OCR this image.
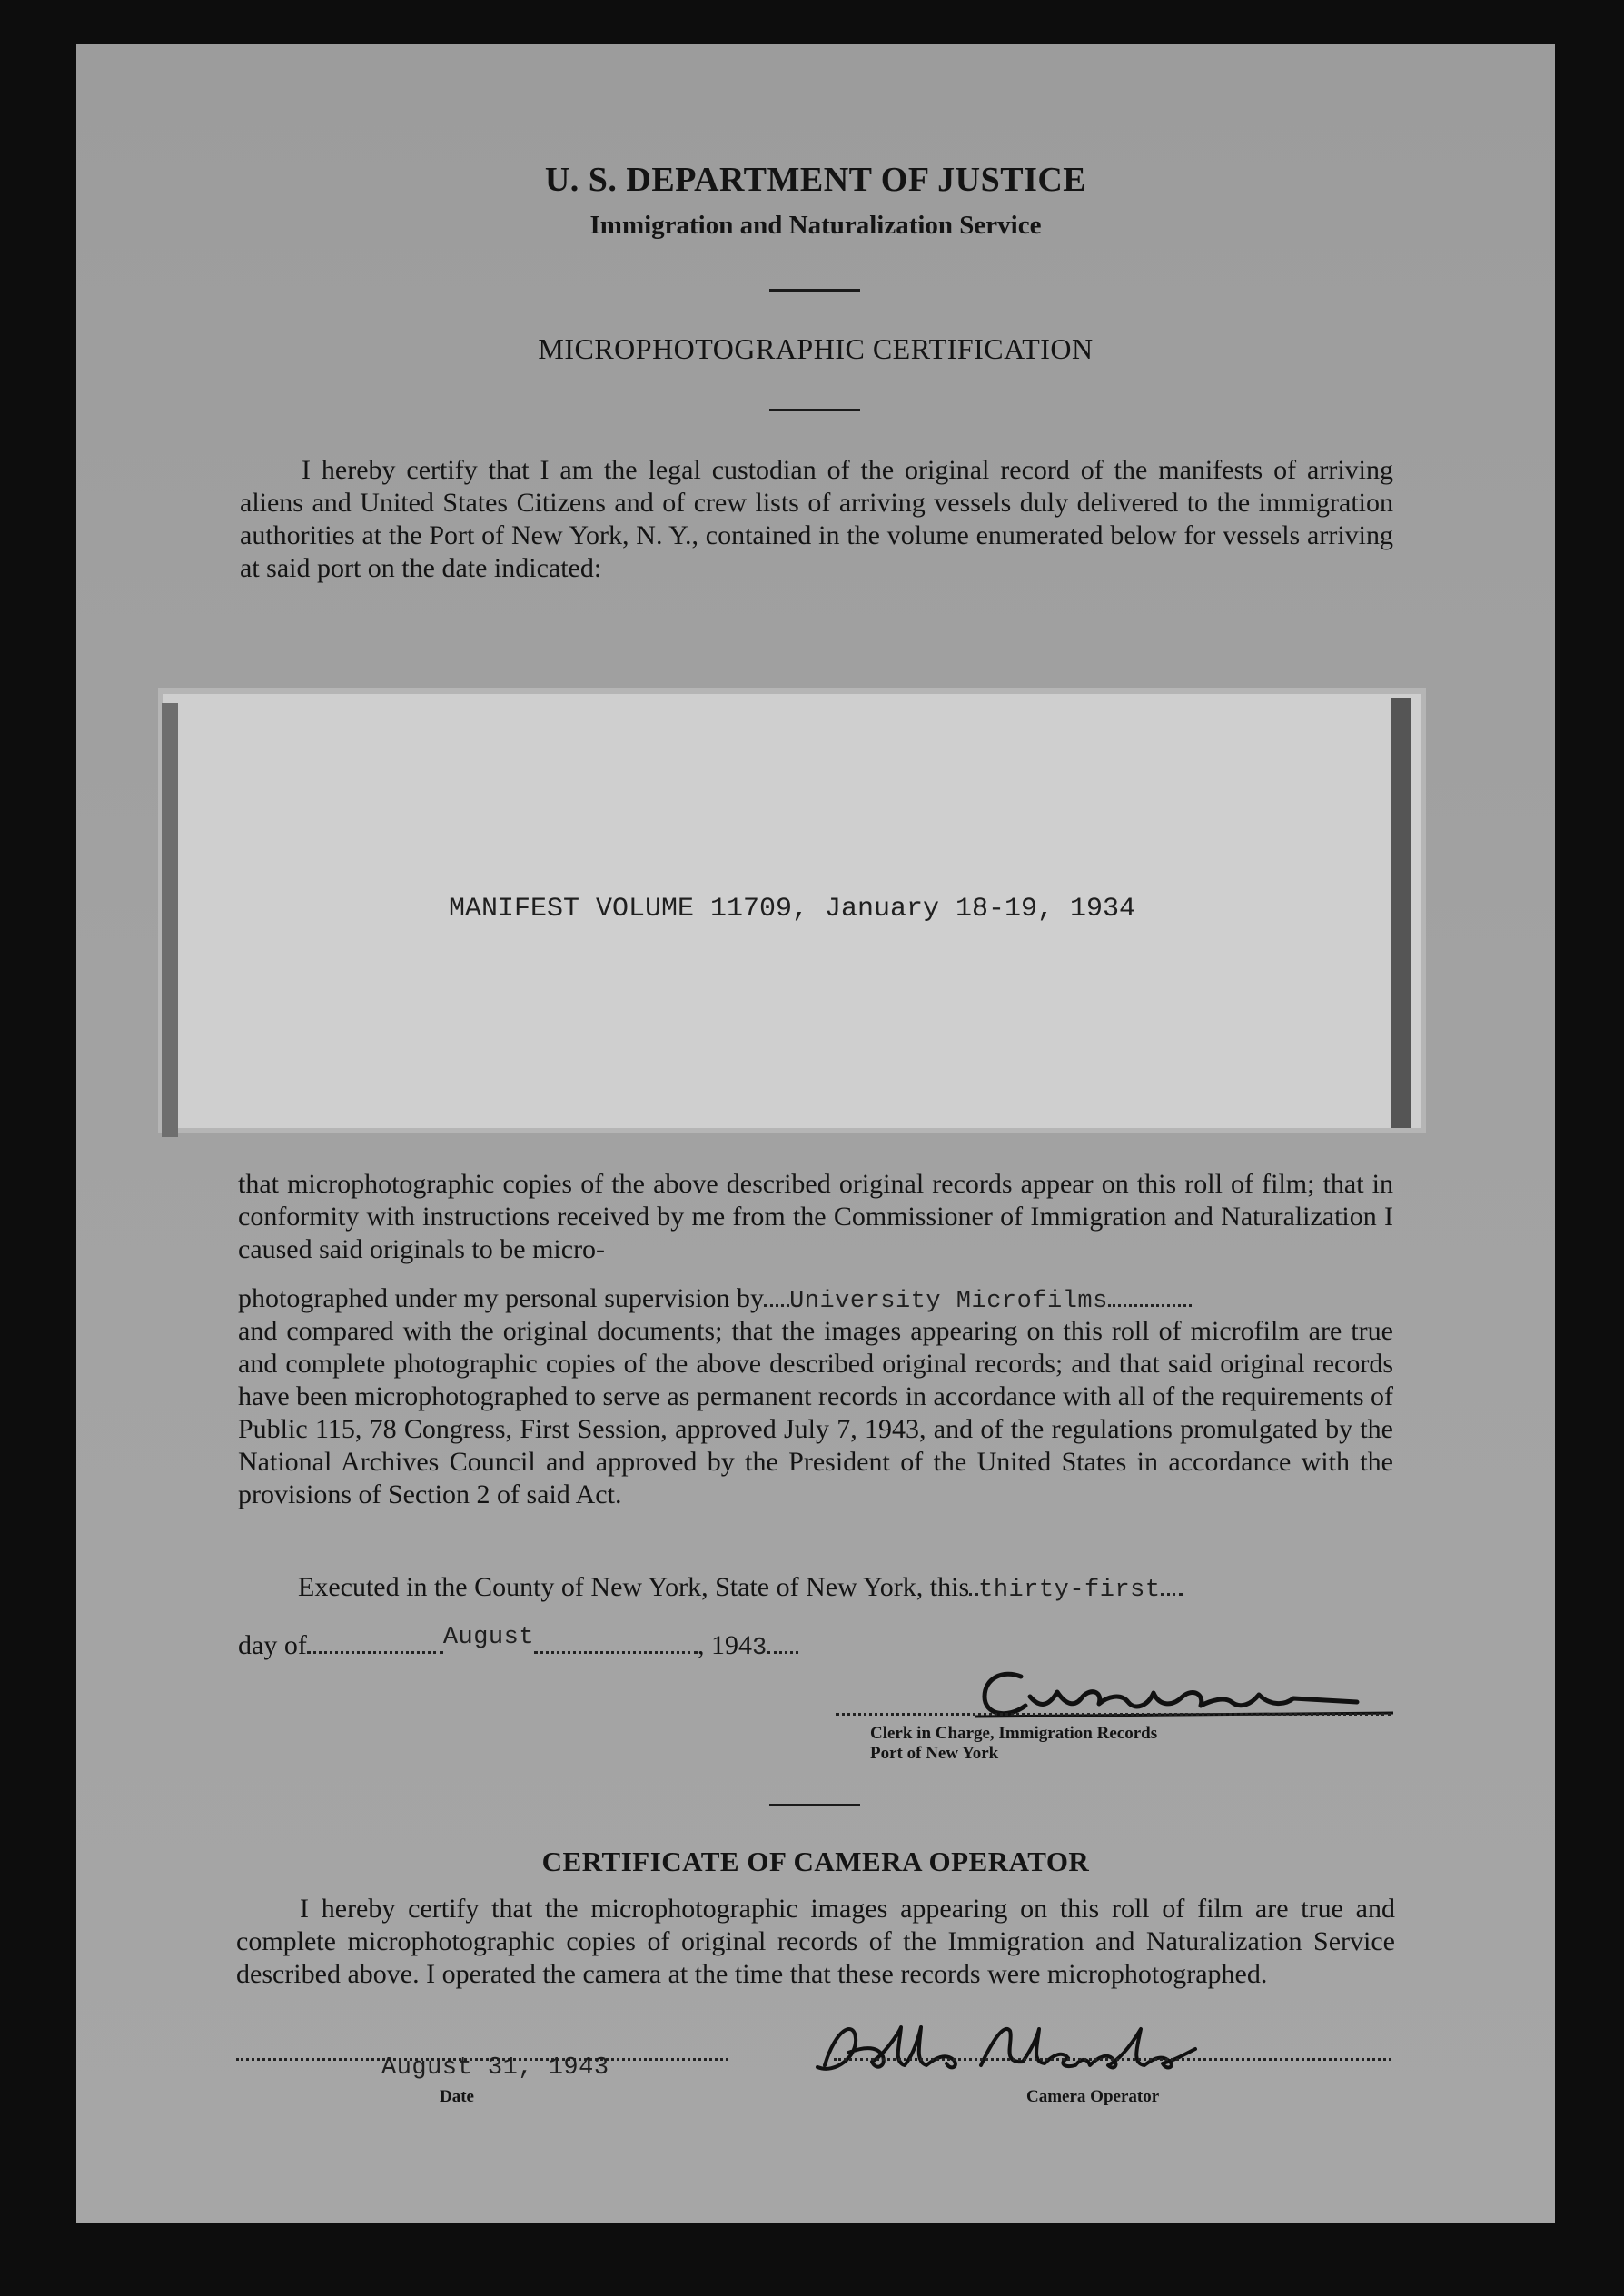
U. S. DEPARTMENT OF JUSTICE
Immigration and Naturalization Service
MICROPHOTOGRAPHIC CERTIFICATION
I hereby certify that I am the legal custodian of the original record of the manifests of arriving aliens and United States Citizens and of crew lists of arriving vessels duly delivered to the immigration authorities at the Port of New York, N. Y., contained in the volume enumerated below for vessels arriving at said port on the date indicated:
MANIFEST VOLUME 11709, January 18-19, 1934
that microphotographic copies of the above described original records appear on this roll of film; that in conformity with instructions received by me from the Commissioner of Immigration and Naturalization I caused said originals to be micro-
photographed under my personal supervision by University Microfilms
and compared with the original documents; that the images appearing on this roll of microfilm are true and complete photographic copies of the above described original records; and that said original records have been microphotographed to serve as permanent records in accordance with all of the requirements of Public 115, 78 Congress, First Session, approved July 7, 1943, and of the regulations promulgated by the National Archives Council and approved by the President of the United States in accordance with the provisions of Section 2 of said Act.
Executed in the County of New York, State of New York, this thirty-first
day of	August	, 1943
Clerk in Charge, Immigration Records
Port of New York
CERTIFICATE OF CAMERA OPERATOR
I hereby certify that the microphotographic images appearing on this roll of film are true and complete microphotographic copies of original records of the Immigration and Naturalization Service described above. I operated the camera at the time that these records were microphotographed.
August 31, 1943
Date	Camera Operator
